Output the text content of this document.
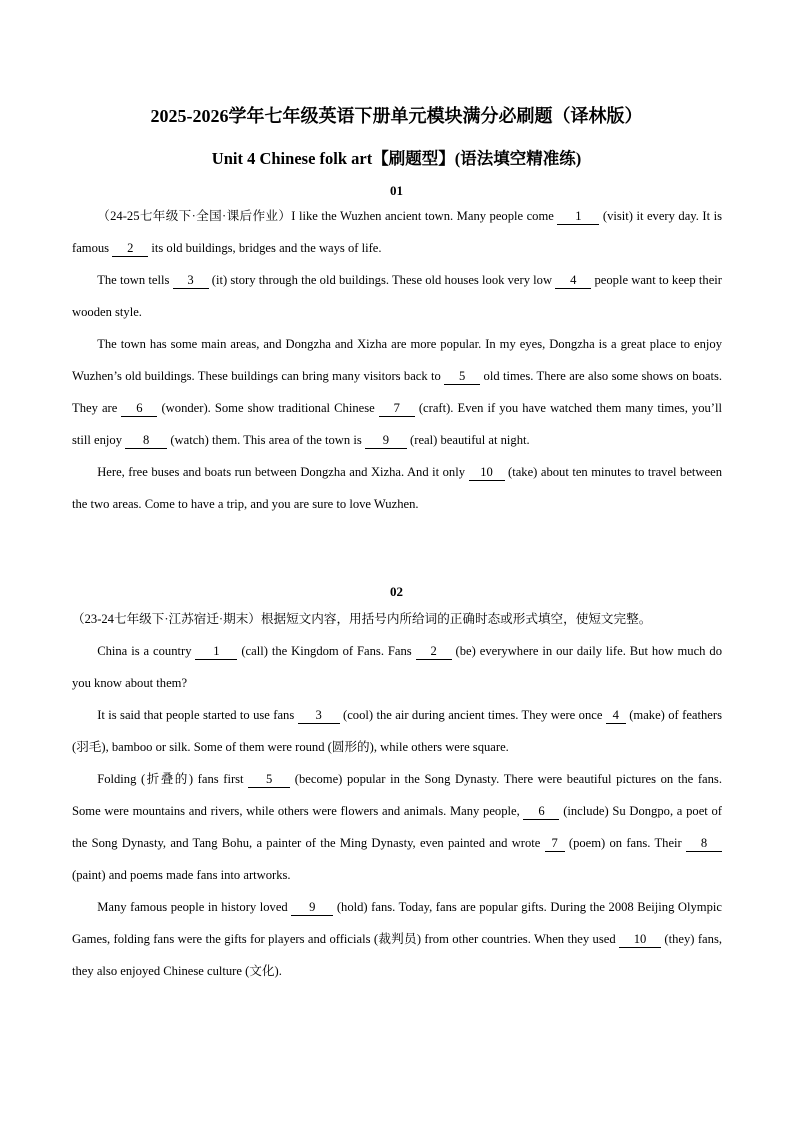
2025-2026学年七年级英语下册单元模块满分必刷题（译林版）
Unit 4 Chinese folk art【刷题型】(语法填空精准练)
01

（24-25七年级下·全国·课后作业）I like the Wuzhen ancient town. Many people come 1 (visit) it every day. It is famous 2 its old buildings, bridges and the ways of life.

The town tells 3 (it) story through the old buildings. These old houses look very low 4 people want to keep their wooden style.

The town has some main areas, and Dongzha and Xizha are more popular. In my eyes, Dongzha is a great place to enjoy Wuzhen’s old buildings. These buildings can bring many visitors back to 5 old times. There are also some shows on boats. They are 6 (wonder). Some show traditional Chinese 7 (craft). Even if you have watched them many times, you’ll still enjoy 8 (watch) them. This area of the town is 9 (real) beautiful at night.

Here, free buses and boats run between Dongzha and Xizha. And it only 10 (take) about ten minutes to travel between the two areas. Come to have a trip, and you are sure to love Wuzhen.

02

（23-24七年级下·江苏宿迁·期末）根据短文内容，用括号内所给词的正确时态或形式填空，使短文完整。

China is a country 1 (call) the Kingdom of Fans. Fans 2 (be) everywhere in our daily life. But how much do you know about them?

It is said that people started to use fans 3 (cool) the air during ancient times. They were once 4 (make) of feathers (羽毛), bamboo or silk. Some of them were round (圆形的), while others were square.

Folding (折叠的) fans first 5 (become) popular in the Song Dynasty. There were beautiful pictures on the fans. Some were mountains and rivers, while others were flowers and animals. Many people, 6 (include) Su Dongpo, a poet of the Song Dynasty, and Tang Bohu, a painter of the Ming Dynasty, even painted and wrote 7 (poem) on fans. Their 8 (paint) and poems made fans into artworks.

Many famous people in history loved 9 (hold) fans. Today, fans are popular gifts. During the 2008 Beijing Olympic Games, folding fans were the gifts for players and officials (裁判员) from other countries. When they used 10 (they) fans, they also enjoyed Chinese culture (文化).
